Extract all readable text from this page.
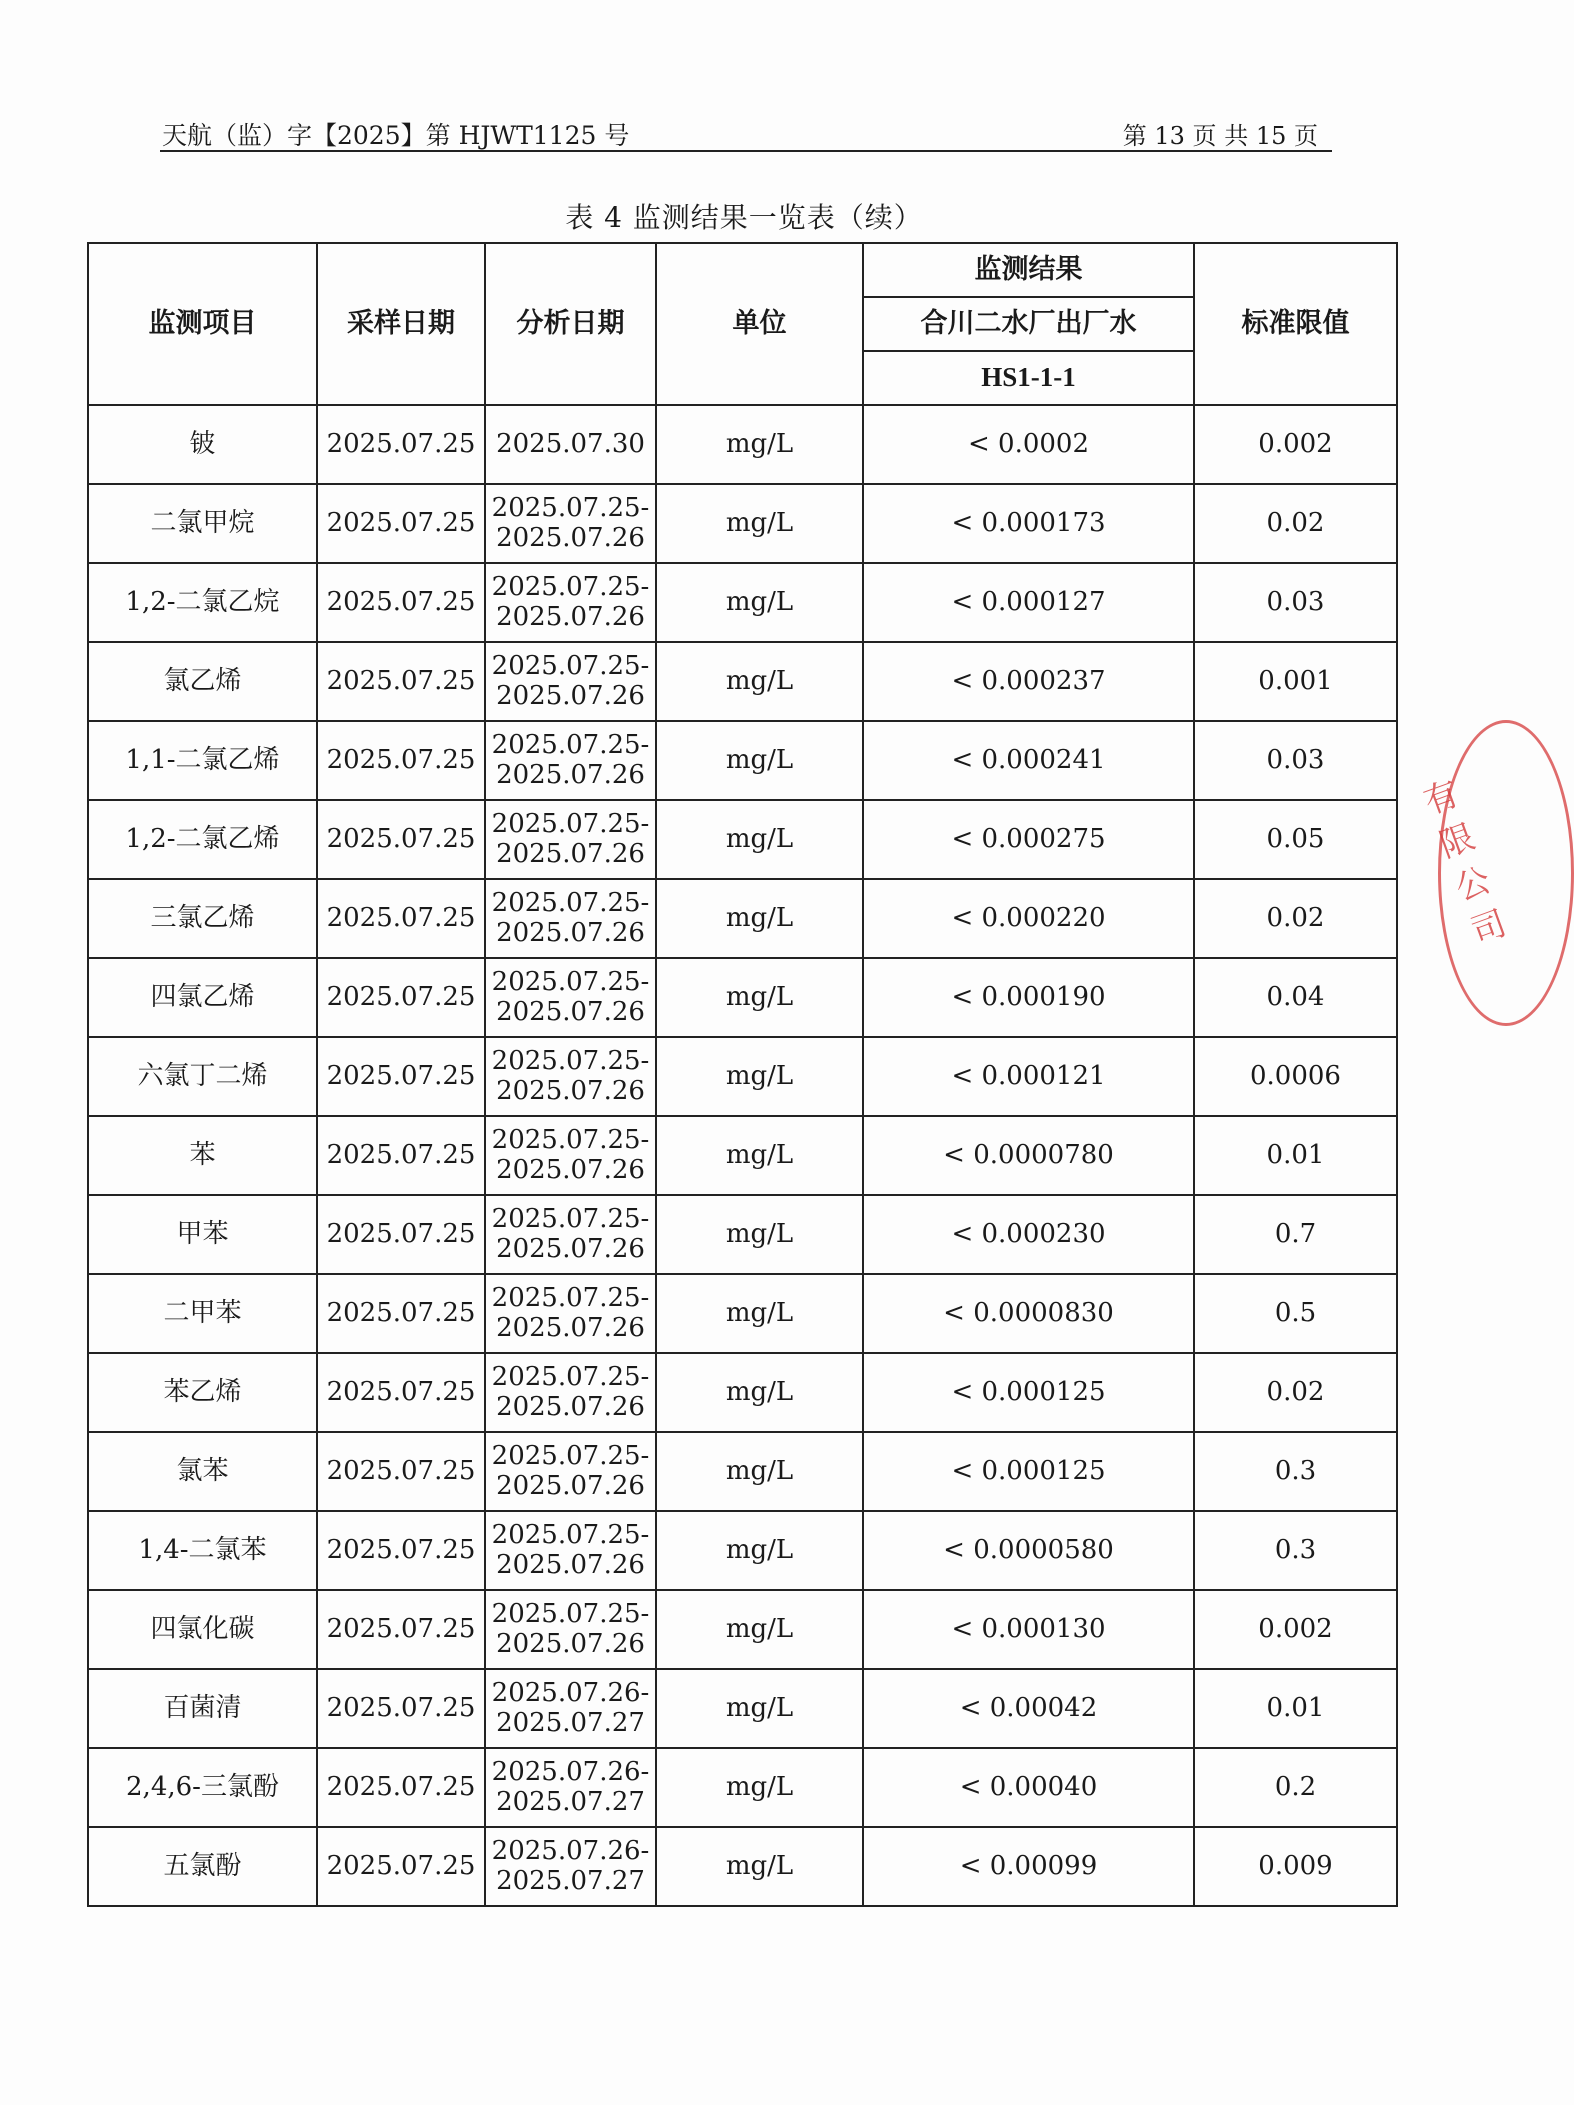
天航（监）字【2025】第 HJWT1125 号	第 13 页 共 15 页
表 4 监测结果一览表（续）
监测项目	采样日期	分析日期	单位	监测结果	标准限值
				合川二水厂出厂水	
				HS1-1-1	
铍	2025.07.25	2025.07.30	mg/L	< 0.0002	0.002
二氯甲烷	2025.07.25	2025.07.25-
2025.07.26	mg/L	< 0.000173	0.02
1,2-二氯乙烷	2025.07.25	2025.07.25-
2025.07.26	mg/L	< 0.000127	0.03
氯乙烯	2025.07.25	2025.07.25-
2025.07.26	mg/L	< 0.000237	0.001
1,1-二氯乙烯	2025.07.25	2025.07.25-
2025.07.26	mg/L	< 0.000241	0.03
1,2-二氯乙烯	2025.07.25	2025.07.25-
2025.07.26	mg/L	< 0.000275	0.05
三氯乙烯	2025.07.25	2025.07.25-
2025.07.26	mg/L	< 0.000220	0.02
四氯乙烯	2025.07.25	2025.07.25-
2025.07.26	mg/L	< 0.000190	0.04
六氯丁二烯	2025.07.25	2025.07.25-
2025.07.26	mg/L	< 0.000121	0.0006
苯	2025.07.25	2025.07.25-
2025.07.26	mg/L	< 0.0000780	0.01
甲苯	2025.07.25	2025.07.25-
2025.07.26	mg/L	< 0.000230	0.7
二甲苯	2025.07.25	2025.07.25-
2025.07.26	mg/L	< 0.0000830	0.5
苯乙烯	2025.07.25	2025.07.25-
2025.07.26	mg/L	< 0.000125	0.02
氯苯	2025.07.25	2025.07.25-
2025.07.26	mg/L	< 0.000125	0.3
1,4-二氯苯	2025.07.25	2025.07.25-
2025.07.26	mg/L	< 0.0000580	0.3
四氯化碳	2025.07.25	2025.07.25-
2025.07.26	mg/L	< 0.000130	0.002
百菌清	2025.07.25	2025.07.26-
2025.07.27	mg/L	< 0.00042	0.01
2,4,6-三氯酚	2025.07.25	2025.07.26-
2025.07.27	mg/L	< 0.00040	0.2
五氯酚	2025.07.25	2025.07.26-
2025.07.27	mg/L	< 0.00099	0.009
有限公司
